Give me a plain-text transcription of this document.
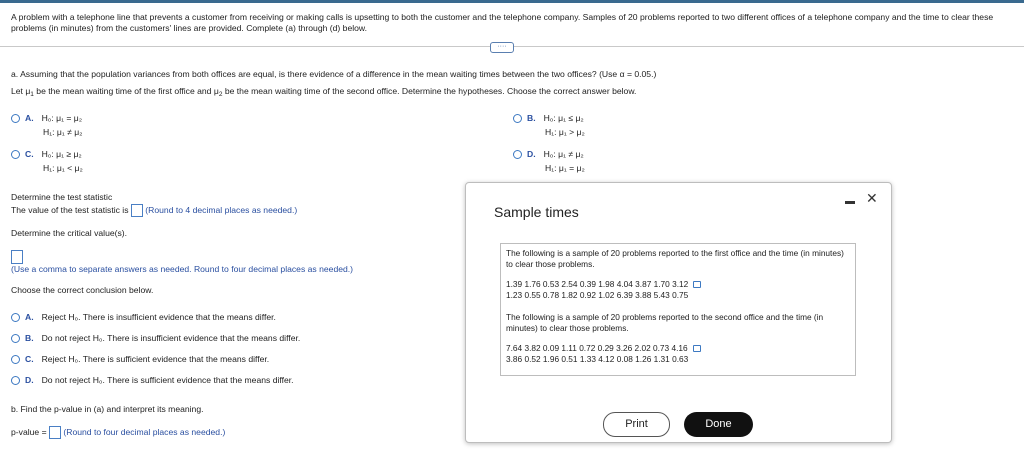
A problem with a telephone line that prevents a customer from receiving or making calls is upsetting to both the customer and the telephone company. Samples of 20 problems reported to two different offices of a telephone company and the time to clear these problems (in minutes) from the customers' lines are provided. Complete (a) through (d) below.
····
a. Assuming that the population variances from both offices are equal, is there evidence of a difference in the mean waiting times between the two offices? (Use α = 0.05.)
Let $\mu_1$ be the mean waiting time of the first office and $\mu_2$ be the mean waiting time of the second office. Determine the hypotheses. Choose the correct answer below.
A. H₀: μ₁ = μ₂
H₁: μ₁ ≠ μ₂
B. H₀: μ₁ ≤ μ₂
H₁: μ₁ > μ₂
C. H₀: μ₁ ≥ μ₂
H₁: μ₁ < μ₂
D. H₀: μ₁ ≠ μ₂
H₁: μ₁ = μ₂
Determine the test statistic
The value of the test statistic is (Round to 4 decimal places as needed.)
Determine the critical value(s).
(Use a comma to separate answers as needed. Round to four decimal places as needed.)
Choose the correct conclusion below.
A. Reject H₀. There is insufficient evidence that the means differ.
B. Do not reject H₀. There is insufficient evidence that the means differ.
C. Reject H₀. There is sufficient evidence that the means differ.
D. Do not reject H₀. There is sufficient evidence that the means differ.
b. Find the p-value in (a) and interpret its meaning.
p-value = (Round to four decimal places as needed.)
Sample times
✕
The following is a sample of 20 problems reported to the first office and the time (in minutes) to clear those problems.
1.39 1.76 0.53 2.54 0.39 1.98 4.04 3.87 1.70 3.12
1.23 0.55 0.78 1.82 0.92 1.02 6.39 3.88 5.43 0.75
The following is a sample of 20 problems reported to the second office and the time (in minutes) to clear those problems.
7.64 3.82 0.09 1.11 0.72 0.29 3.26 2.02 0.73 4.16
3.86 0.52 1.96 0.51 1.33 4.12 0.08 1.26 1.31 0.63
Print	Done
